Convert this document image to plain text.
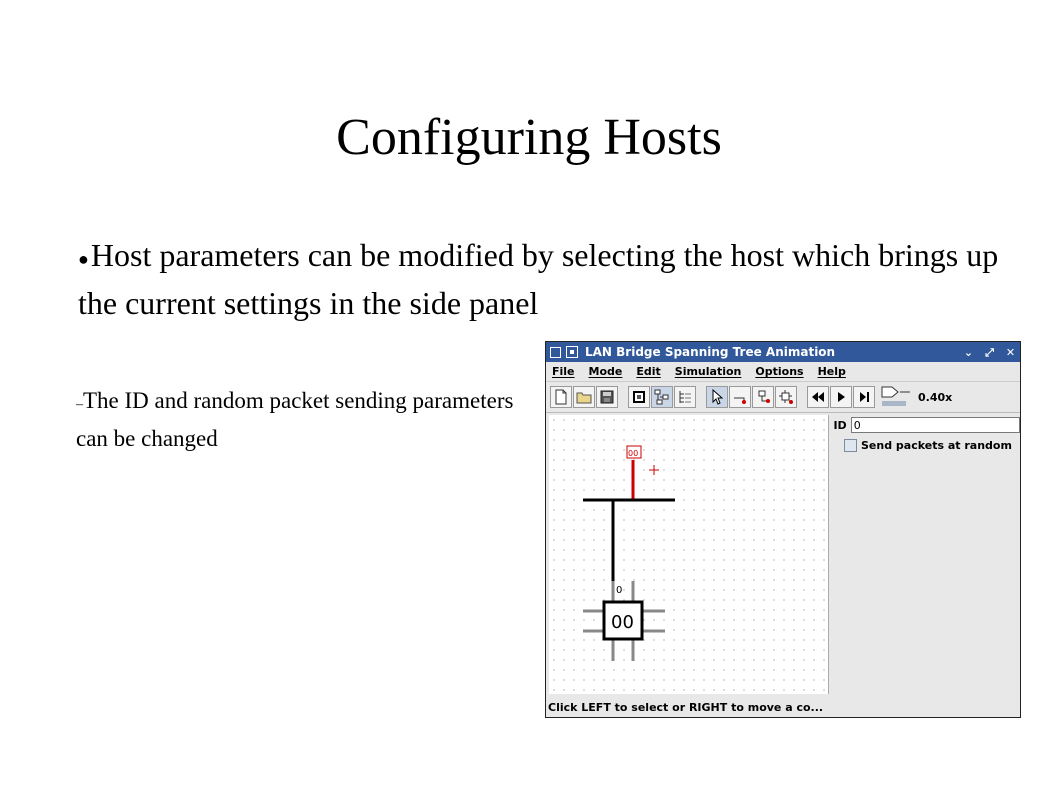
Configuring Hosts
●Host parameters can be modified by selecting the host which brings up the current settings in the side panel
–The ID and random packet sending parameters can be changed
LAN Bridge Spanning Tree Animation	⌄ ⤢ ✕
File Mode Edit Simulation Options Help
0.40x
00
00
0
ID
0
Send packets at random
Click LEFT to select or RIGHT to move a co...
